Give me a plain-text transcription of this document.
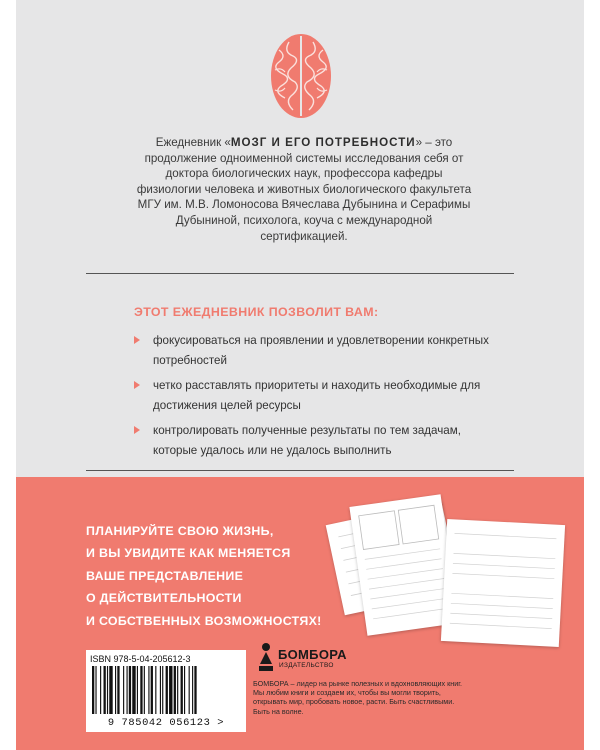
Ежедневник «МОЗГ И ЕГО ПОТРЕБНОСТИ» – это продолжение одноименной системы исследования себя от доктора биологических наук, профессора кафедры физиологии человека и животных биологического факультета МГУ им. М.В. Ломоносова Вячеслава Дубынина и Серафимы Дубыниной, психолога, коуча с международной сертификацией.
ЭТОТ ЕЖЕДНЕВНИК ПОЗВОЛИТ ВАМ:
фокусироваться на проявлении и удовлетворении конкретных потребностей
четко расставлять приоритеты и находить необходимые для достижения целей ресурсы
контролировать полученные результаты по тем задачам, которые удалось или не удалось выполнить
ПЛАНИРУЙТЕ СВОЮ ЖИЗНЬ,
И ВЫ УВИДИТЕ КАК МЕНЯЕТСЯ
ВАШЕ ПРЕДСТАВЛЕНИЕ
О ДЕЙСТВИТЕЛЬНОСТИ
И СОБСТВЕННЫХ ВОЗМОЖНОСТЯХ!
ISBN 978-5-04-205612-3
9 785042 056123 >
БОМБОРА
ИЗДАТЕЛЬСТВО
БОМБОРА – лидер на рынке полезных и вдохновляющих книг. Мы любим книги и создаем их, чтобы вы могли творить, открывать мир, пробовать новое, расти. Быть счастливыми. Быть на волне.
